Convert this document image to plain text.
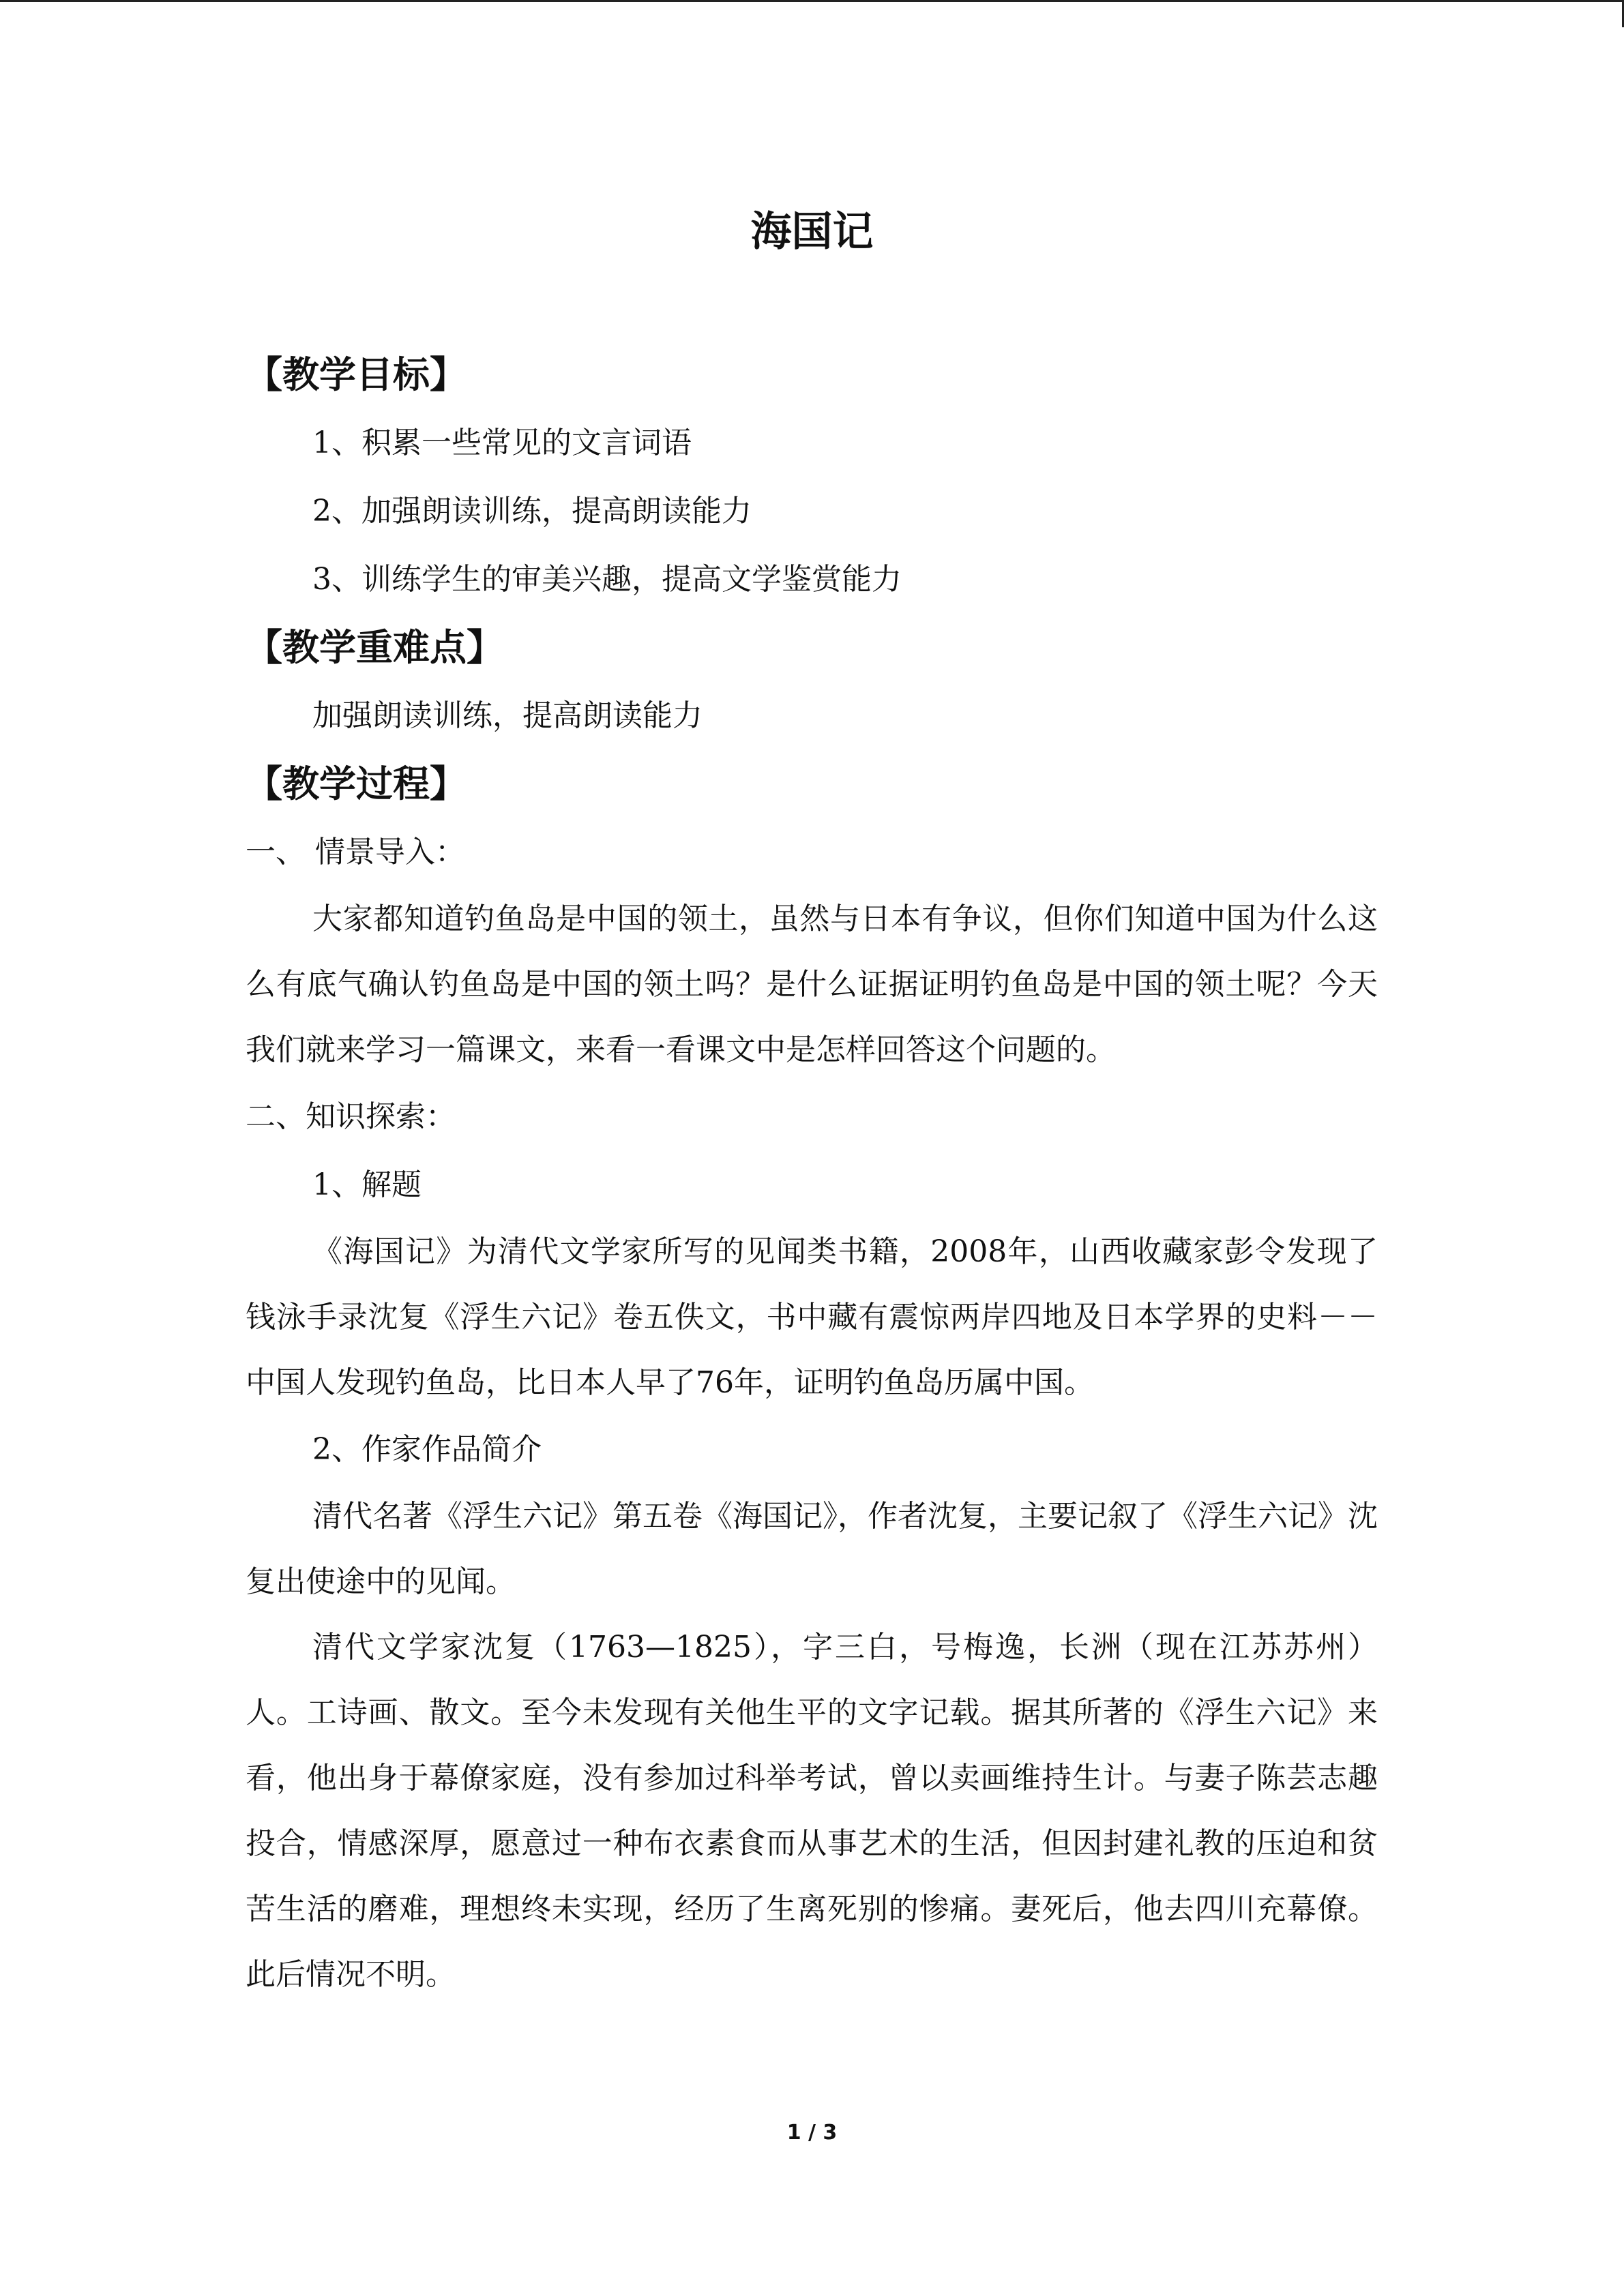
海国记

【教学目标】

1、积累一些常见的文言词语

2、加强朗读训练，提高朗读能力

3、训练学生的审美兴趣，提高文学鉴赏能力

【教学重难点】

加强朗读训练，提高朗读能力

【教学过程】

一、 情景导入：

大家都知道钓鱼岛是中国的领土，虽然与日本有争议，但你们知道中国为什么这么有底气确认钓鱼岛是中国的领土吗？是什么证据证明钓鱼岛是中国的领土呢？今天我们就来学习一篇课文，来看一看课文中是怎样回答这个问题的。

二、知识探索：

1、解题

《海国记》为清代文学家所写的见闻类书籍，2008年，山西收藏家彭令发现了钱泳手录沈复《浮生六记》卷五佚文，书中藏有震惊两岸四地及日本学界的史料－－中国人发现钓鱼岛，比日本人早了76年，证明钓鱼岛历属中国。

2、作家作品简介

清代名著《浮生六记》第五卷《海国记》，作者沈复，主要记叙了《浮生六记》沈复出使途中的见闻。

清代文学家沈复（1763—1825），字三白，号梅逸，长洲（现在江苏苏州）人。工诗画、散文。至今未发现有关他生平的文字记载。据其所著的《浮生六记》来看，他出身于幕僚家庭，没有参加过科举考试，曾以卖画维持生计。与妻子陈芸志趣投合，情感深厚，愿意过一种布衣素食而从事艺术的生活，但因封建礼教的压迫和贫苦生活的磨难，理想终未实现，经历了生离死别的惨痛。妻死后，他去四川充幕僚。此后情况不明。

1 / 3
